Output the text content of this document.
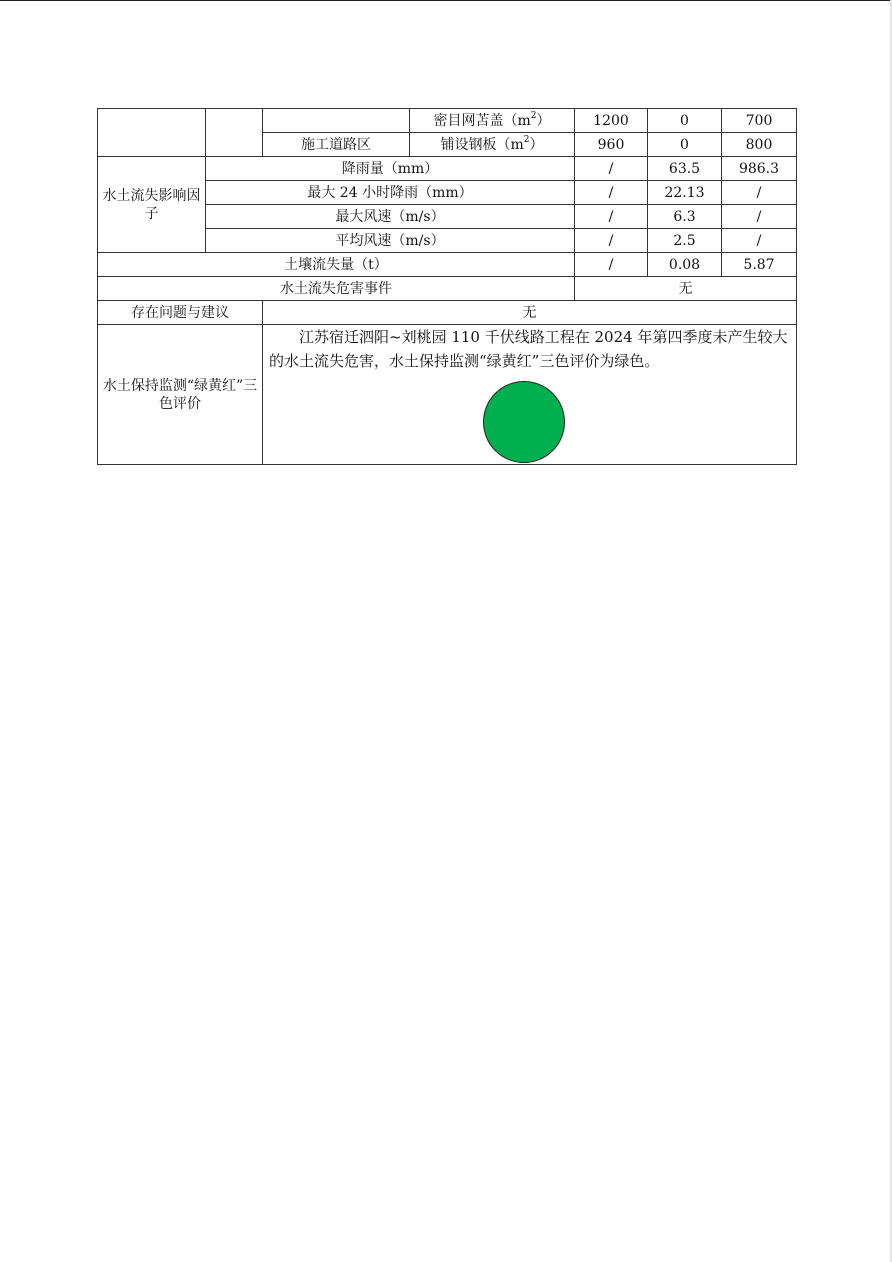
			密目网苫盖$(m^2)$	1200	0	700
		施工道路区	铺设钢板$(m^2)$	960	0	800
水土流失影响因子	降雨量（mm）			/	63.5	986.3
	最大 24 小时降雨（mm）			/	22.13	/
	最大风速（m/s）			/	6.3	/
	平均风速（m/s）			/	2.5	/
土壤流失量（t）				/	0.08	5.87
水土流失危害事件				无		
存在问题与建议		无				
水土保持监测“绿黄红”三色评价		江苏宿迁泗阳~刘桃园 110 千伏线路工程在 2024 年第四季度未产生较大的水土流失危害，水土保持监测“绿黄红”三色评价为绿色。				
